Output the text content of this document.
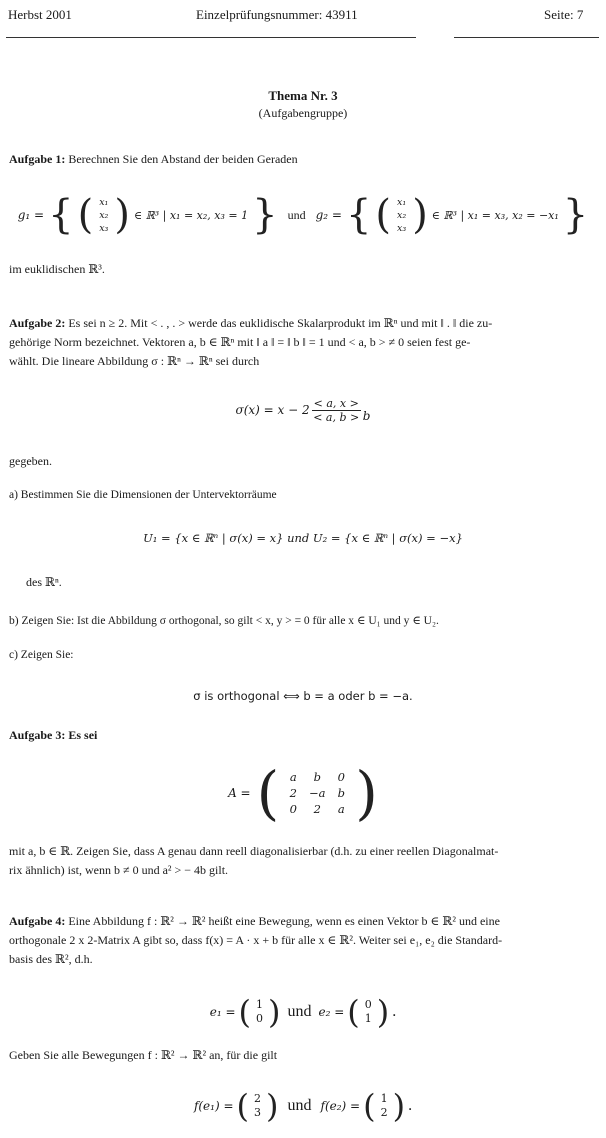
Herbst 2001	Einzelprüfungsnummer: 43911	Seite: 7
Thema Nr. 3
(Aufgabengruppe)
Aufgabe 1: Berechnen Sie den Abstand der beiden Geraden
g₁ = { ( x₁
x₂
x₃ ) ∈ ℝ³ | x₁ = x₂, x₃ = 1 } und g₂ = { ( x₁
x₂
x₃ ) ∈ ℝ³ | x₁ = x₃, x₂ = −x₁ }
im euklidischen ℝ³.
Aufgabe 2: Es sei n ≥ 2. Mit < . , . > werde das euklidische Skalarprodukt im ℝⁿ und mit ‖ . ‖ die zu-
gehörige Norm bezeichnet. Vektoren a, b ∈ ℝⁿ mit ‖ a ‖ = ‖ b ‖ = 1 und < a, b > ≠ 0 seien fest ge-
wählt. Die lineare Abbildung σ : ℝⁿ → ℝⁿ sei durch
$\sigma(x) = x - 2 \frac{< a, x >}{< a, b >}$ b
gegeben.
a) Bestimmen Sie die Dimensionen der Untervektorräume
U₁ = {x ∈ ℝⁿ | σ(x) = x} und U₂ = {x ∈ ℝⁿ | σ(x) = −x}
des ℝⁿ.
b) Zeigen Sie: Ist die Abbildung σ orthogonal, so gilt < x, y > = 0 für alle x ∈ U₁ und y ∈ U₂.
c) Zeigen Sie:
σ is orthogonal ⟺ b = a oder b = −a.
Aufgabe 3: Es sei
A = ( a	b	0
2	−a	b
0	2	a )
mit a, b ∈ ℝ. Zeigen Sie, dass A genau dann reell diagonalisierbar (d.h. zu einer reellen Diagonalmat-
rix ähnlich) ist, wenn b ≠ 0 und a² > − 4b gilt.
Aufgabe 4: Eine Abbildung f : ℝ² → ℝ² heißt eine Bewegung, wenn es einen Vektor b ∈ ℝ² und eine
orthogonale 2 x 2-Matrix A gibt so, dass f(x) = A · x + b für alle x ∈ ℝ². Weiter sei e₁, e₂ die Standard-
basis des ℝ², d.h.
e₁ = ( 1
0 ) und e₂ = ( 0
1 ) .
Geben Sie alle Bewegungen f : ℝ² → ℝ² an, für die gilt
f(e₁) = ( 2
3 ) und f(e₂) = ( 1
2 ) .
